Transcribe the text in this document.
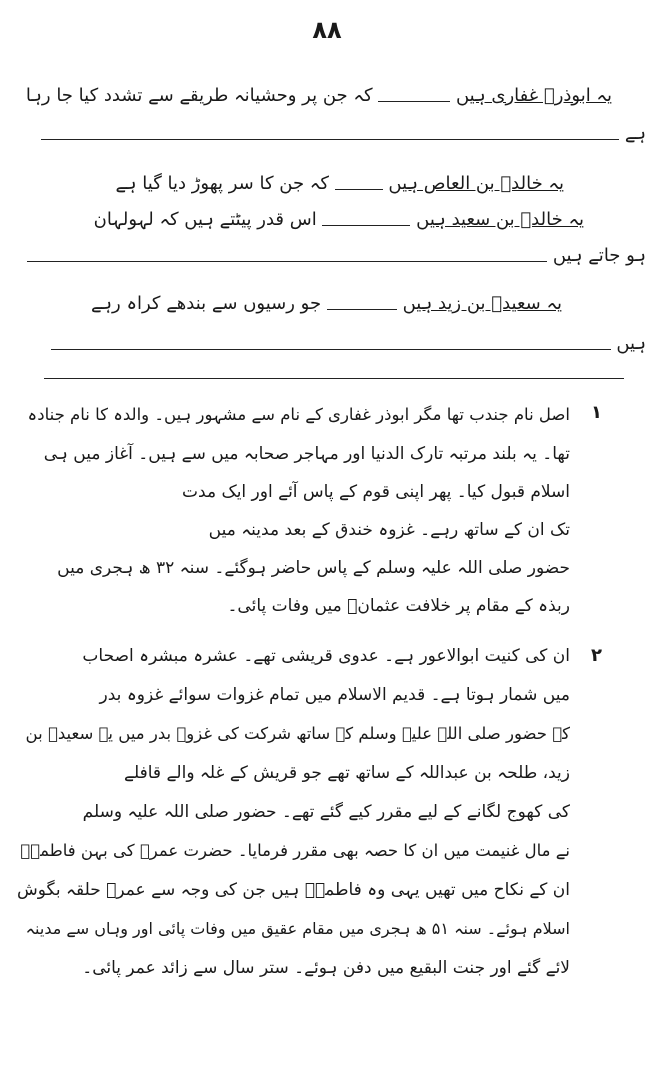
۸۸
یہ ابوذرؓ غفاری ہیں  کہ جن پر وحشیانہ طریقے سے تشدد کیا جا رہا
ہے
یہ خالدؓ بن العاص ہیں  کہ جن کا سر پھوڑ دیا گیا ہے
یہ خالدؓ بن سعید ہیں  اس قدر پیٹتے ہیں کہ لہولہان
ہو جاتے ہیں
یہ سعیدؓ بن زید ہیں  جو رسیوں سے بندھے کراہ رہے
ہیں
۱
اصل نام جندب تھا مگر ابوذر غفاری کے نام سے مشہور ہیں۔ والدہ کا نام جنادہ
تھا۔ یہ بلند مرتبہ تارک الدنیا اور مہاجر صحابہ میں سے ہیں۔ آغاز میں ہی
اسلام قبول کیا۔ پھر اپنی قوم کے پاس آئے اور ایک مدت
تک ان کے ساتھ رہے۔ غزوہ خندق کے بعد مدینہ میں
حضور صلی اللہ علیہ وسلم کے پاس حاضر ہوگئے۔ سنہ ۳۲ ھ ہجری میں
ربذہ کے مقام پر خلافت عثمانؓ میں وفات پائی۔
۲
ان کی کنیت ابوالاعور ہے۔ عدوی قریشی تھے۔ عشرہ مبشرہ اصحاب
میں شمار ہوتا ہے۔ قدیم الاسلام میں تمام غزوات سوائے غزوہ بدر
کے حضور صلی اللہ علیہ وسلم کے ساتھ شرکت کی غزوہ بدر میں یہ سعیدؓ بن
زید، طلحہ بن عبداللہ کے ساتھ تھے جو قریش کے غلہ والے قافلے
کی کھوج لگانے کے لیے مقرر کیے گئے تھے۔ حضور صلی اللہ علیہ وسلم
نے مال غنیمت میں ان کا حصہ بھی مقرر فرمایا۔ حضرت عمرؓ کی بہن فاطمہؓ
ان کے نکاح میں تھیں یہی وہ فاطمہؓ ہیں جن کی وجہ سے عمرؓ حلقہ بگوش
اسلام ہوئے۔ سنہ ۵۱ ھ ہجری میں مقام عقیق میں وفات پائی اور وہاں سے مدینہ
لائے گئے اور جنت البقیع میں دفن ہوئے۔ ستر سال سے زائد عمر پائی۔
